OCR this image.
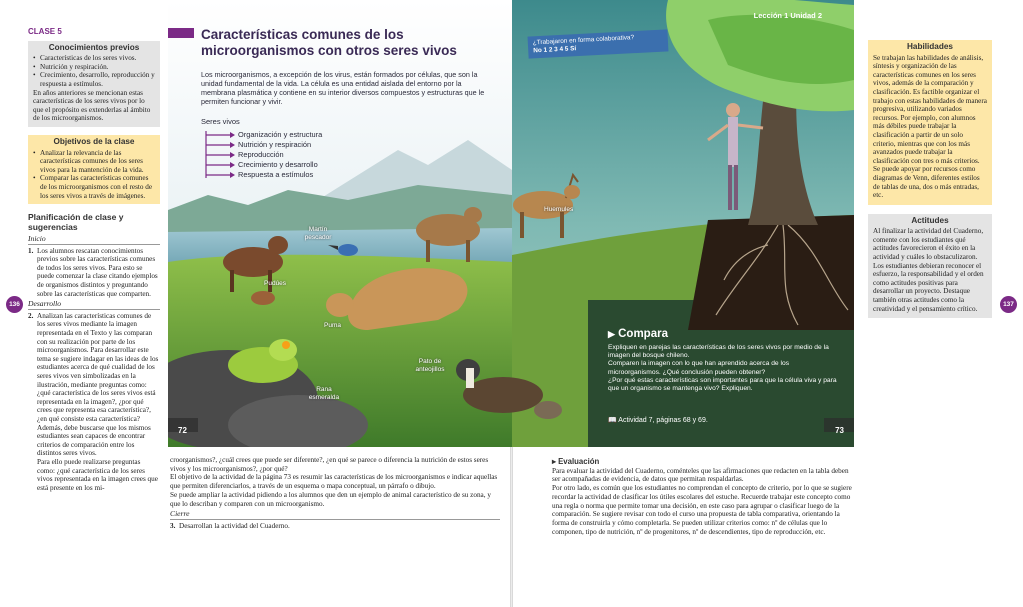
CLASE 5
Conocimientos previos
• Características de los seres vivos.
• Nutrición y respiración.
• Crecimiento, desarrollo, reproducción y respuesta a estímulos.

En años anteriores se mencionan estas características de los seres vivos por lo que el propósito es extenderlas al ámbito de los microorganismos.

Objetivos de la clase
• Analizar la relevancia de las características comunes de los seres vivos para la mantención de la vida.
• Comparar las características comunes de los microorganismos con el resto de los seres vivos a través de imágenes.
Planificación de clase y sugerencias
Inicio
1. Los alumnos rescatan conocimientos previos sobre las características comunes de todos los seres vivos. Para esto se puede comenzar la clase citando ejemplos de organismos distintos y preguntando sobre las características que comparten.
Desarrollo
2. Analizan las características comunes de los seres vivos mediante la imagen representada en el Texto y las comparan con su realización por parte de los microorganismos. Para desarrollar este tema se sugiere indagar en las ideas de los estudiantes acerca de qué cualidad de los seres vivos ven simbolizadas en la ilustración, mediante preguntas como: ¿qué característica de los seres vivos está representada en la imagen?, ¿por qué crees que representa esa característica?, ¿en qué consiste esta característica? Además, debe buscarse que los mismos estudiantes sean capaces de encontrar criterios de comparación entre los distintos seres vivos.

Para ello puede realizarse preguntas como: ¿qué característica de los seres vivos representada en la imagen crees que está presente en los mi-

136	137
Características comunes de los microorganismos con otros seres vivos
Los microorganismos, a excepción de los virus, están formados por células, que son la unidad fundamental de la vida. La célula es una entidad aislada del entorno por la membrana plasmática y contiene en su interior diversos compuestos y estructuras que le permiten funcionar y vivir.
Seres vivos
Organización y estructura
Nutrición y respiración
Reproducción
Crecimiento y desarrollo
Respuesta a estímulos
Martín pescador
Pudúes
Puma
Rana esmeralda
Pato de anteojillos
Huemules
72	73
Lección 1 Unidad 2
¿Trabajaron en forma colaborativa?
No 1 2 3 4 5 Sí
▶ Compara

Expliquen en parejas las características de los seres vivos por medio de la imagen del bosque chileno.

Comparen la imagen con lo que han aprendido acerca de los microorganismos. ¿Qué conclusión pueden obtener?

¿Por qué estas características son importantes para que la célula viva y para que un organismo se mantenga vivo? Expliquen.

📖 Actividad 7, páginas 68 y 69.

croorganismos?, ¿cuál crees que puede ser diferente?, ¿en qué se parece o diferencia la nutrición de estos seres vivos y los microorganismos?, ¿por qué?

El objetivo de la actividad de la página 73 es resumir las características de los microorganismos e indicar aquellas que permiten diferenciarlos, a través de un esquema o mapa conceptual, un párrafo o dibujo.

Se puede ampliar la actividad pidiendo a los alumnos que den un ejemplo de animal característico de su zona, y que lo describan y comparen con un microorganismo.

Cierre
3. Desarrollan la actividad del Cuaderno.
▸ Evaluación

Para evaluar la actividad del Cuaderno, coménteles que las afirmaciones que redacten en la tabla deben ser acompañadas de evidencia, de datos que permitan respaldarlas.

Por otro lado, es común que los estudiantes no comprendan el concepto de criterio, por lo que se sugiere recordar la actividad de clasificar los útiles escolares del estuche. Recuerde trabajar este concepto como una regla o norma que permite tomar una decisión, en este caso para agrupar o clasificar luego de la comparación. Se sugiere revisar con todo el curso una propuesta de tabla comparativa, orientando la forma de construirla y cómo completarla. Se pueden utilizar criterios como: nº de células que lo componen, tipo de nutrición, nº de progenitores, nº de descendientes, tipo de reproducción, etc.

Habilidades

Se trabajan las habilidades de análisis, síntesis y organización de las características comunes en los seres vivos, además de la comparación y clasificación. Es factible organizar el trabajo con estas habilidades de manera progresiva, utilizando variados recursos. Por ejemplo, con alumnos más débiles puede trabajar la clasificación a partir de un solo criterio, mientras que con los más avanzados puede trabajar la clasificación con tres o más criterios. Se puede apoyar por recursos como diagramas de Venn, diferentes estilos de tablas de una, dos o más entradas, etc.

Actitudes

Al finalizar la actividad del Cuaderno, comente con los estudiantes qué actitudes favorecieron el éxito en la actividad y cuáles lo obstaculizaron. Los estudiantes debieran reconocer el esfuerzo, la responsabilidad y el orden como actitudes positivas para desarrollar un proyecto. Destaque también otras actitudes como la creatividad y el pensamiento crítico.
